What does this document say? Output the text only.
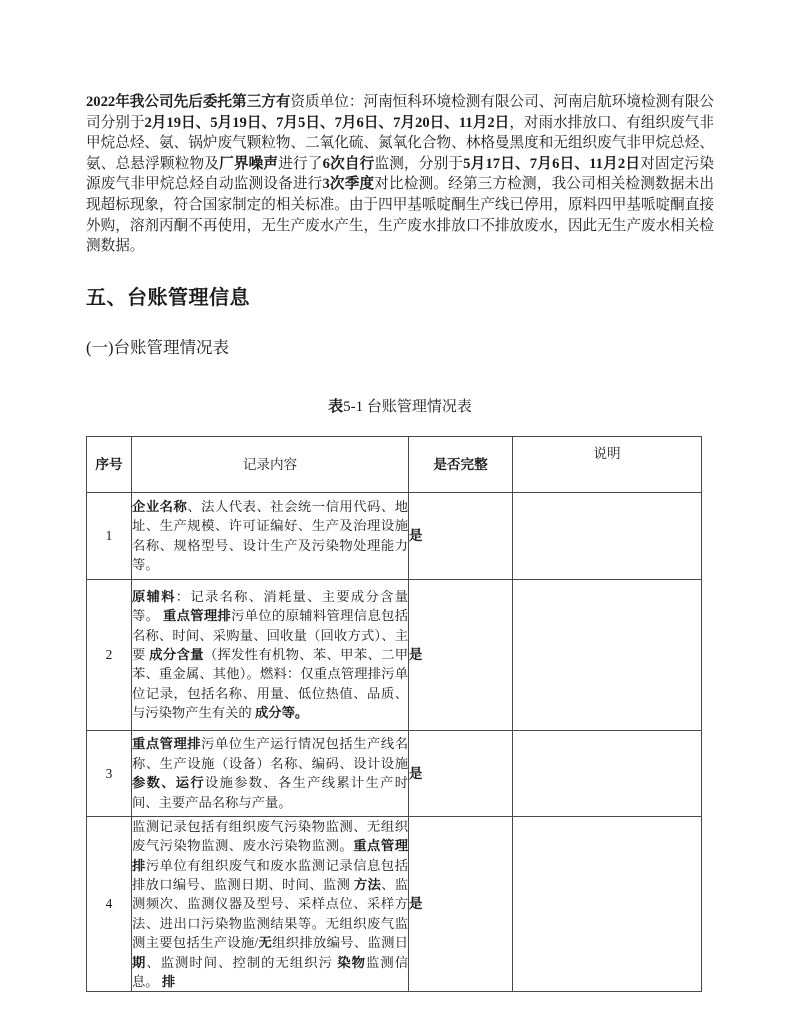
2022年我公司先后委托第三方有资质单位：河南恒科环境检测有限公司、河南启航环境检测有限公司分别于2月19日、5月19日、7月5日、7月6日、7月20日、11月2日，对雨水排放口、有组织废气非甲烷总烃、氨、锅炉废气颗粒物、二氧化硫、氮氧化合物、林格曼黑度和无组织废气非甲烷总烃、氨、总悬浮颗粒物及厂界噪声进行了6次自行监测，分别于5月17日、7月6日、11月2日对固定污染源废气非甲烷总烃自动监测设备进行3次季度对比检测。经第三方检测，我公司相关检测数据未出现超标现象，符合国家制定的相关标准。由于四甲基哌啶酮生产线已停用，原料四甲基哌啶酮直接外购，溶剂丙酮不再使用，无生产废水产生，生产废水排放口不排放废水，因此无生产废水相关检测数据。

五、台账管理信息

(一)台账管理情况表

表5-1 台账管理情况表

序号	记录内容	是否完整	说明
1	企业名称、法人代表、社会统一信用代码、地址、生产规模、许可证编好、生产及治理设施名称、规格型号、设计生产及污染物处理能力等。	是	
2	原辅料：记录名称、消耗量、主要成分含量等。 重点管理排污单位的原辅料管理信息包括名称、时间、采购量、回收量（回收方式）、主要 成分含量（挥发性有机物、苯、甲苯、二甲苯、重金属、其他）。燃料：仅重点管理排污单位记录，包括名称、用量、低位热值、品质、与污染物产生有关的 成分等。	是	
3	重点管理排污单位生产运行情况包括生产线名称、生产设施（设备）名称、编码、设计设施 参数、运行设施参数、各生产线累计生产时间、主要产品名称与产量。	是	
4	监测记录包括有组织废气污染物监测、无组织废气污染物监测、废水污染物监测。重点管理排污单位有组织废气和废水监测记录信息包括排放口编号、监测日期、时间、监测 方法、监测频次、监测仪器及型号、采样点位、采样方法、进出口污染物监测结果等。无组织废气监测主要包括生产设施/无组织排放编号、监测日期、监测时间、控制的无组织污 染物监测信息。 排	是	
